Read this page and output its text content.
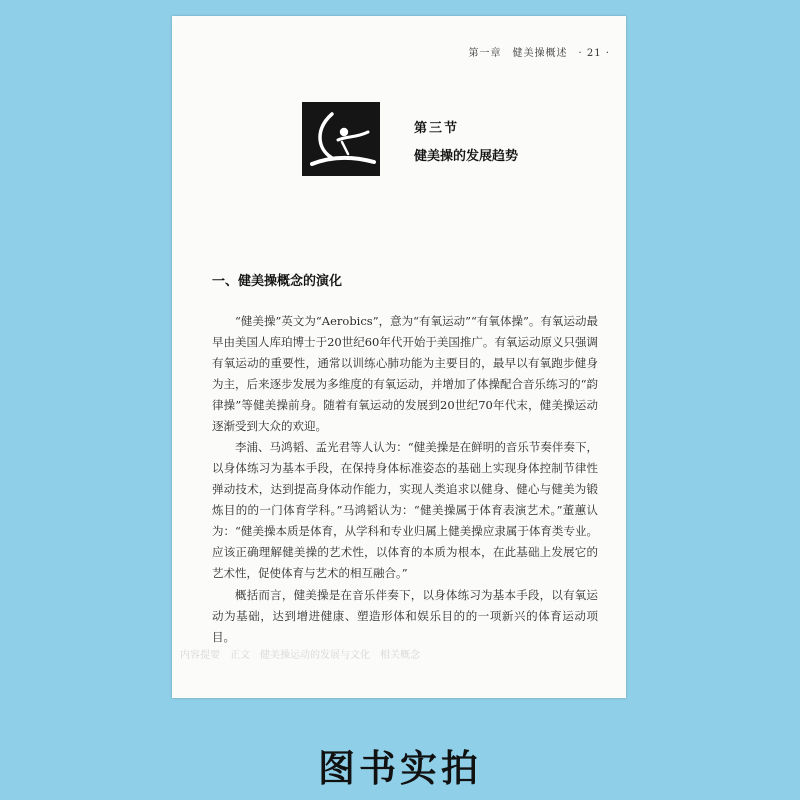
第一章　健美操概述　· 21 ·
第三节
健美操的发展趋势
一、健美操概念的演化

“健美操”英文为“Aerobics”，意为“有氧运动”“有氧体操”。有氧运动最早由美国人库珀博士于20世纪60年代开始于美国推广。有氧运动原义只强调有氧运动的重要性，通常以训练心肺功能为主要目的，最早以有氧跑步健身为主，后来逐步发展为多维度的有氧运动，并增加了体操配合音乐练习的“韵律操”等健美操前身。随着有氧运动的发展到20世纪70年代末，健美操运动逐渐受到大众的欢迎。

李浦、马鸿韬、孟光君等人认为：“健美操是在鲜明的音乐节奏伴奏下，以身体练习为基本手段，在保持身体标准姿态的基础上实现身体控制节律性弹动技术，达到提高身体动作能力，实现人类追求以健身、健心与健美为锻炼目的的一门体育学科。”马鸿韬认为：“健美操属于体育表演艺术。”董蕙认为：“健美操本质是体育，从学科和专业归属上健美操应隶属于体育类专业。应该正确理解健美操的艺术性，以体育的本质为根本，在此基础上发展它的艺术性，促使体育与艺术的相互融合。”

概括而言，健美操是在音乐伴奏下，以身体练习为基本手段，以有氧运动为基础，达到增进健康、塑造形体和娱乐目的的一项新兴的体育运动项目。

内容提要　正文　健美操运动的发展与文化　相关概念
图书实拍
